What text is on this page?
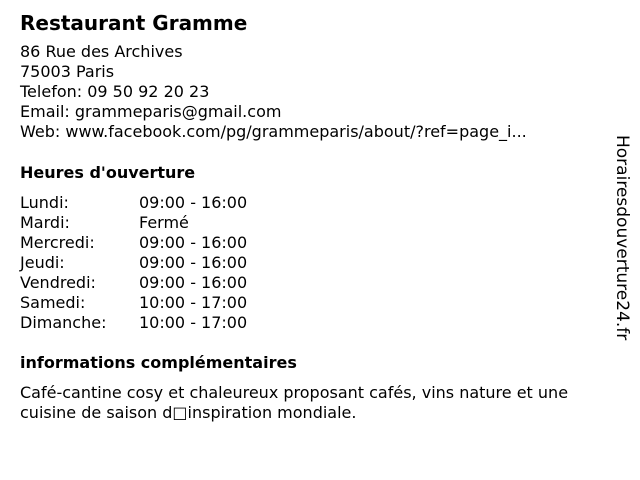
Restaurant Gramme
86 Rue des Archives
75003 Paris
Telefon: 09 50 92 20 23
Email: grammeparis@gmail.com
Web: www.facebook.com/pg/grammeparis/about/?ref=page_i...
Heures d'ouverture
Lundi:	09:00 - 16:00
Mardi:	Fermé
Mercredi:	09:00 - 16:00
Jeudi:	09:00 - 16:00
Vendredi:	09:00 - 16:00
Samedi:	10:00 - 17:00
Dimanche:	10:00 - 17:00
informations complémentaires
Café-cantine cosy et chaleureux proposant cafés, vins nature et une cuisine de saison d□inspiration mondiale.
Horairesdouverture24.fr
